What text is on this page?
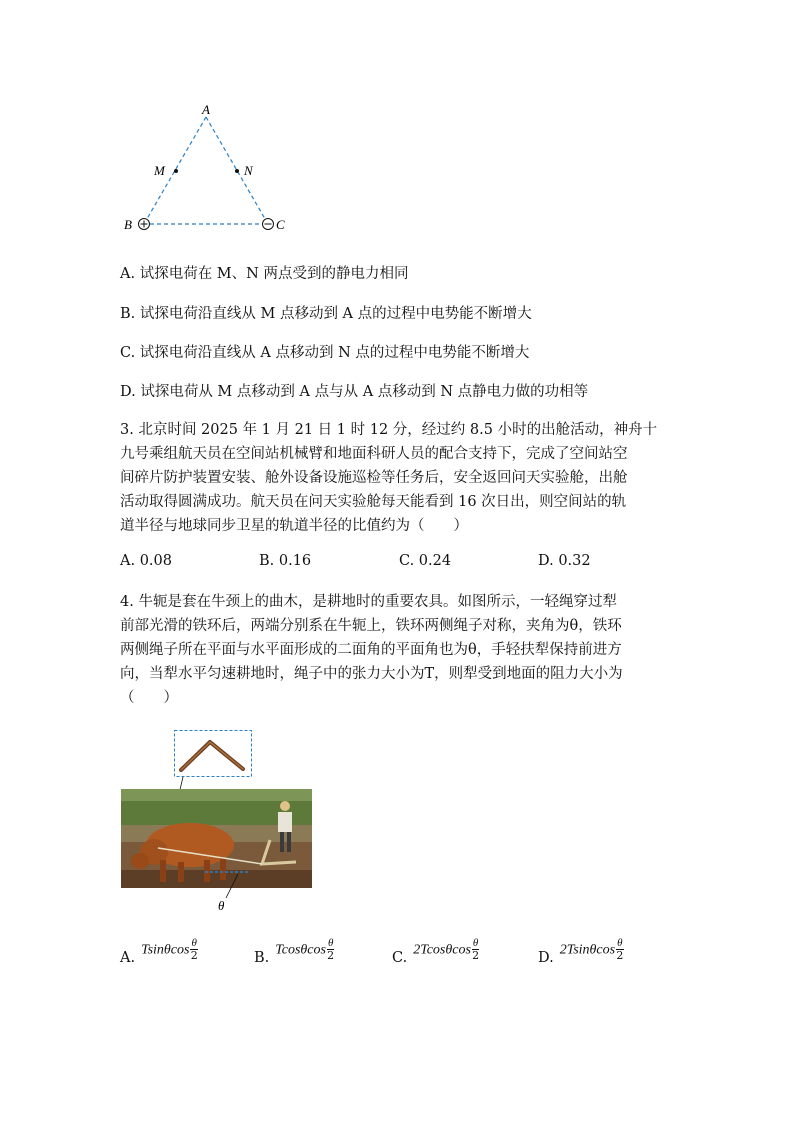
A
M	N
B	C
A. 试探电荷在 M、N 两点受到的静电力相同
B. 试探电荷沿直线从 M 点移动到 A 点的过程中电势能不断增大
C. 试探电荷沿直线从 A 点移动到 N 点的过程中电势能不断增大
D. 试探电荷从 M 点移动到 A 点与从 A 点移动到 N 点静电力做的功相等
3. 北京时间 2025 年 1 月 21 日 1 时 12 分，经过约 8.5 小时的出舱活动，神舟十
九号乘组航天员在空间站机械臂和地面科研人员的配合支持下，完成了空间站空
间碎片防护装置安装、舱外设备设施巡检等任务后，安全返回问天实验舱，出舱
活动取得圆满成功。航天员在问天实验舱每天能看到 16 次日出，则空间站的轨
道半径与地球同步卫星的轨道半径的比值约为（　　）
A. 0.08	B. 0.16	C. 0.24	D. 0.32
4. 牛轭是套在牛颈上的曲木，是耕地时的重要农具。如图所示，一轻绳穿过犁
前部光滑的铁环后，两端分别系在牛轭上，铁环两侧绳子对称，夹角为θ，铁环
两侧绳子所在平面与水平面形成的二面角的平面角也为θ，手轻扶犁保持前进方
向，当犁水平匀速耕地时，绳子中的张力大小为T，则犁受到地面的阻力大小为
（　　）
θ
A. Tsinθcos $\frac{\theta}{2}$	B. Tcosθcos $\frac{\theta}{2}$	C. $2Tcos\theta\cos \frac{\theta}{2}$	D. $2Tsin\theta\cos \frac{\theta}{2}$
